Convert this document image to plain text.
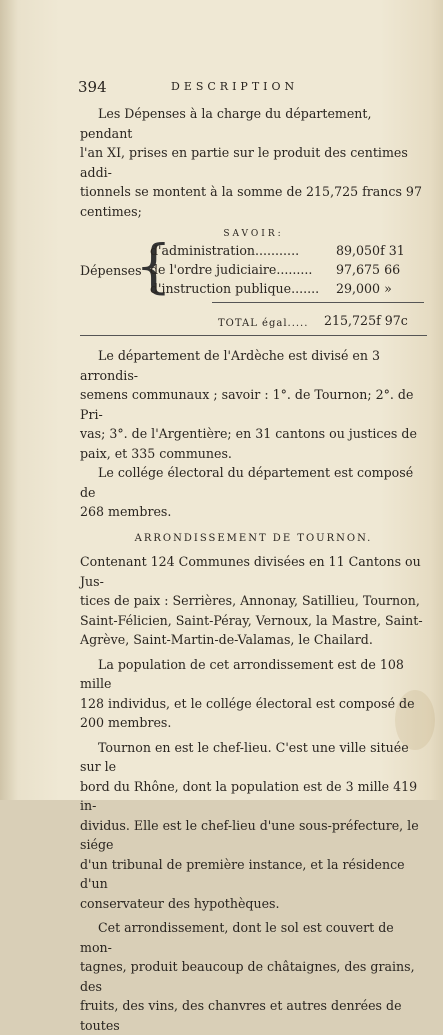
394	DESCRIPTION
Les Dépenses à la charge du département, pendant
l'an XI, prises en partie sur le produit des centimes addi-
tionnels se montent à la somme de 215,725 francs 97
centimes;
SAVOIR:
Dépenses
{
d'administration...........	89,050f 31
de l'ordre judiciaire......... 97,675 66
d'instruction publique....... 29,000 »
TOTAL égal..... 215,725f 97c
Le département de l'Ardèche est divisé en 3 arrondis-
semens communaux ; savoir : 1°. de Tournon; 2°. de Pri-
vas; 3°. de l'Argentière; en 31 cantons ou justices de
paix, et 335 communes.
Le collége électoral du département est composé de
268 membres.
ARRONDISSEMENT DE TOURNON.
Contenant 124 Communes divisées en 11 Cantons ou Jus-
tices de paix : Serrières, Annonay, Satillieu, Tournon,
Saint-Félicien, Saint-Péray, Vernoux, la Mastre, Saint-
Agrève, Saint-Martin-de-Valamas, le Chailard.
La population de cet arrondissement est de 108 mille
128 individus, et le collége électoral est composé de
200 membres.
Tournon en est le chef-lieu. C'est une ville située sur le
bord du Rhône, dont la population est de 3 mille 419 in-
dividus. Elle est le chef-lieu d'une sous-préfecture, le siége
d'un tribunal de première instance, et la résidence d'un
conservateur des hypothèques.
Cet arrondissement, dont le sol est couvert de mon-
tagnes, produit beaucoup de châtaignes, des grains, des
fruits, des vins, des chanvres et autres denrées de toutes
